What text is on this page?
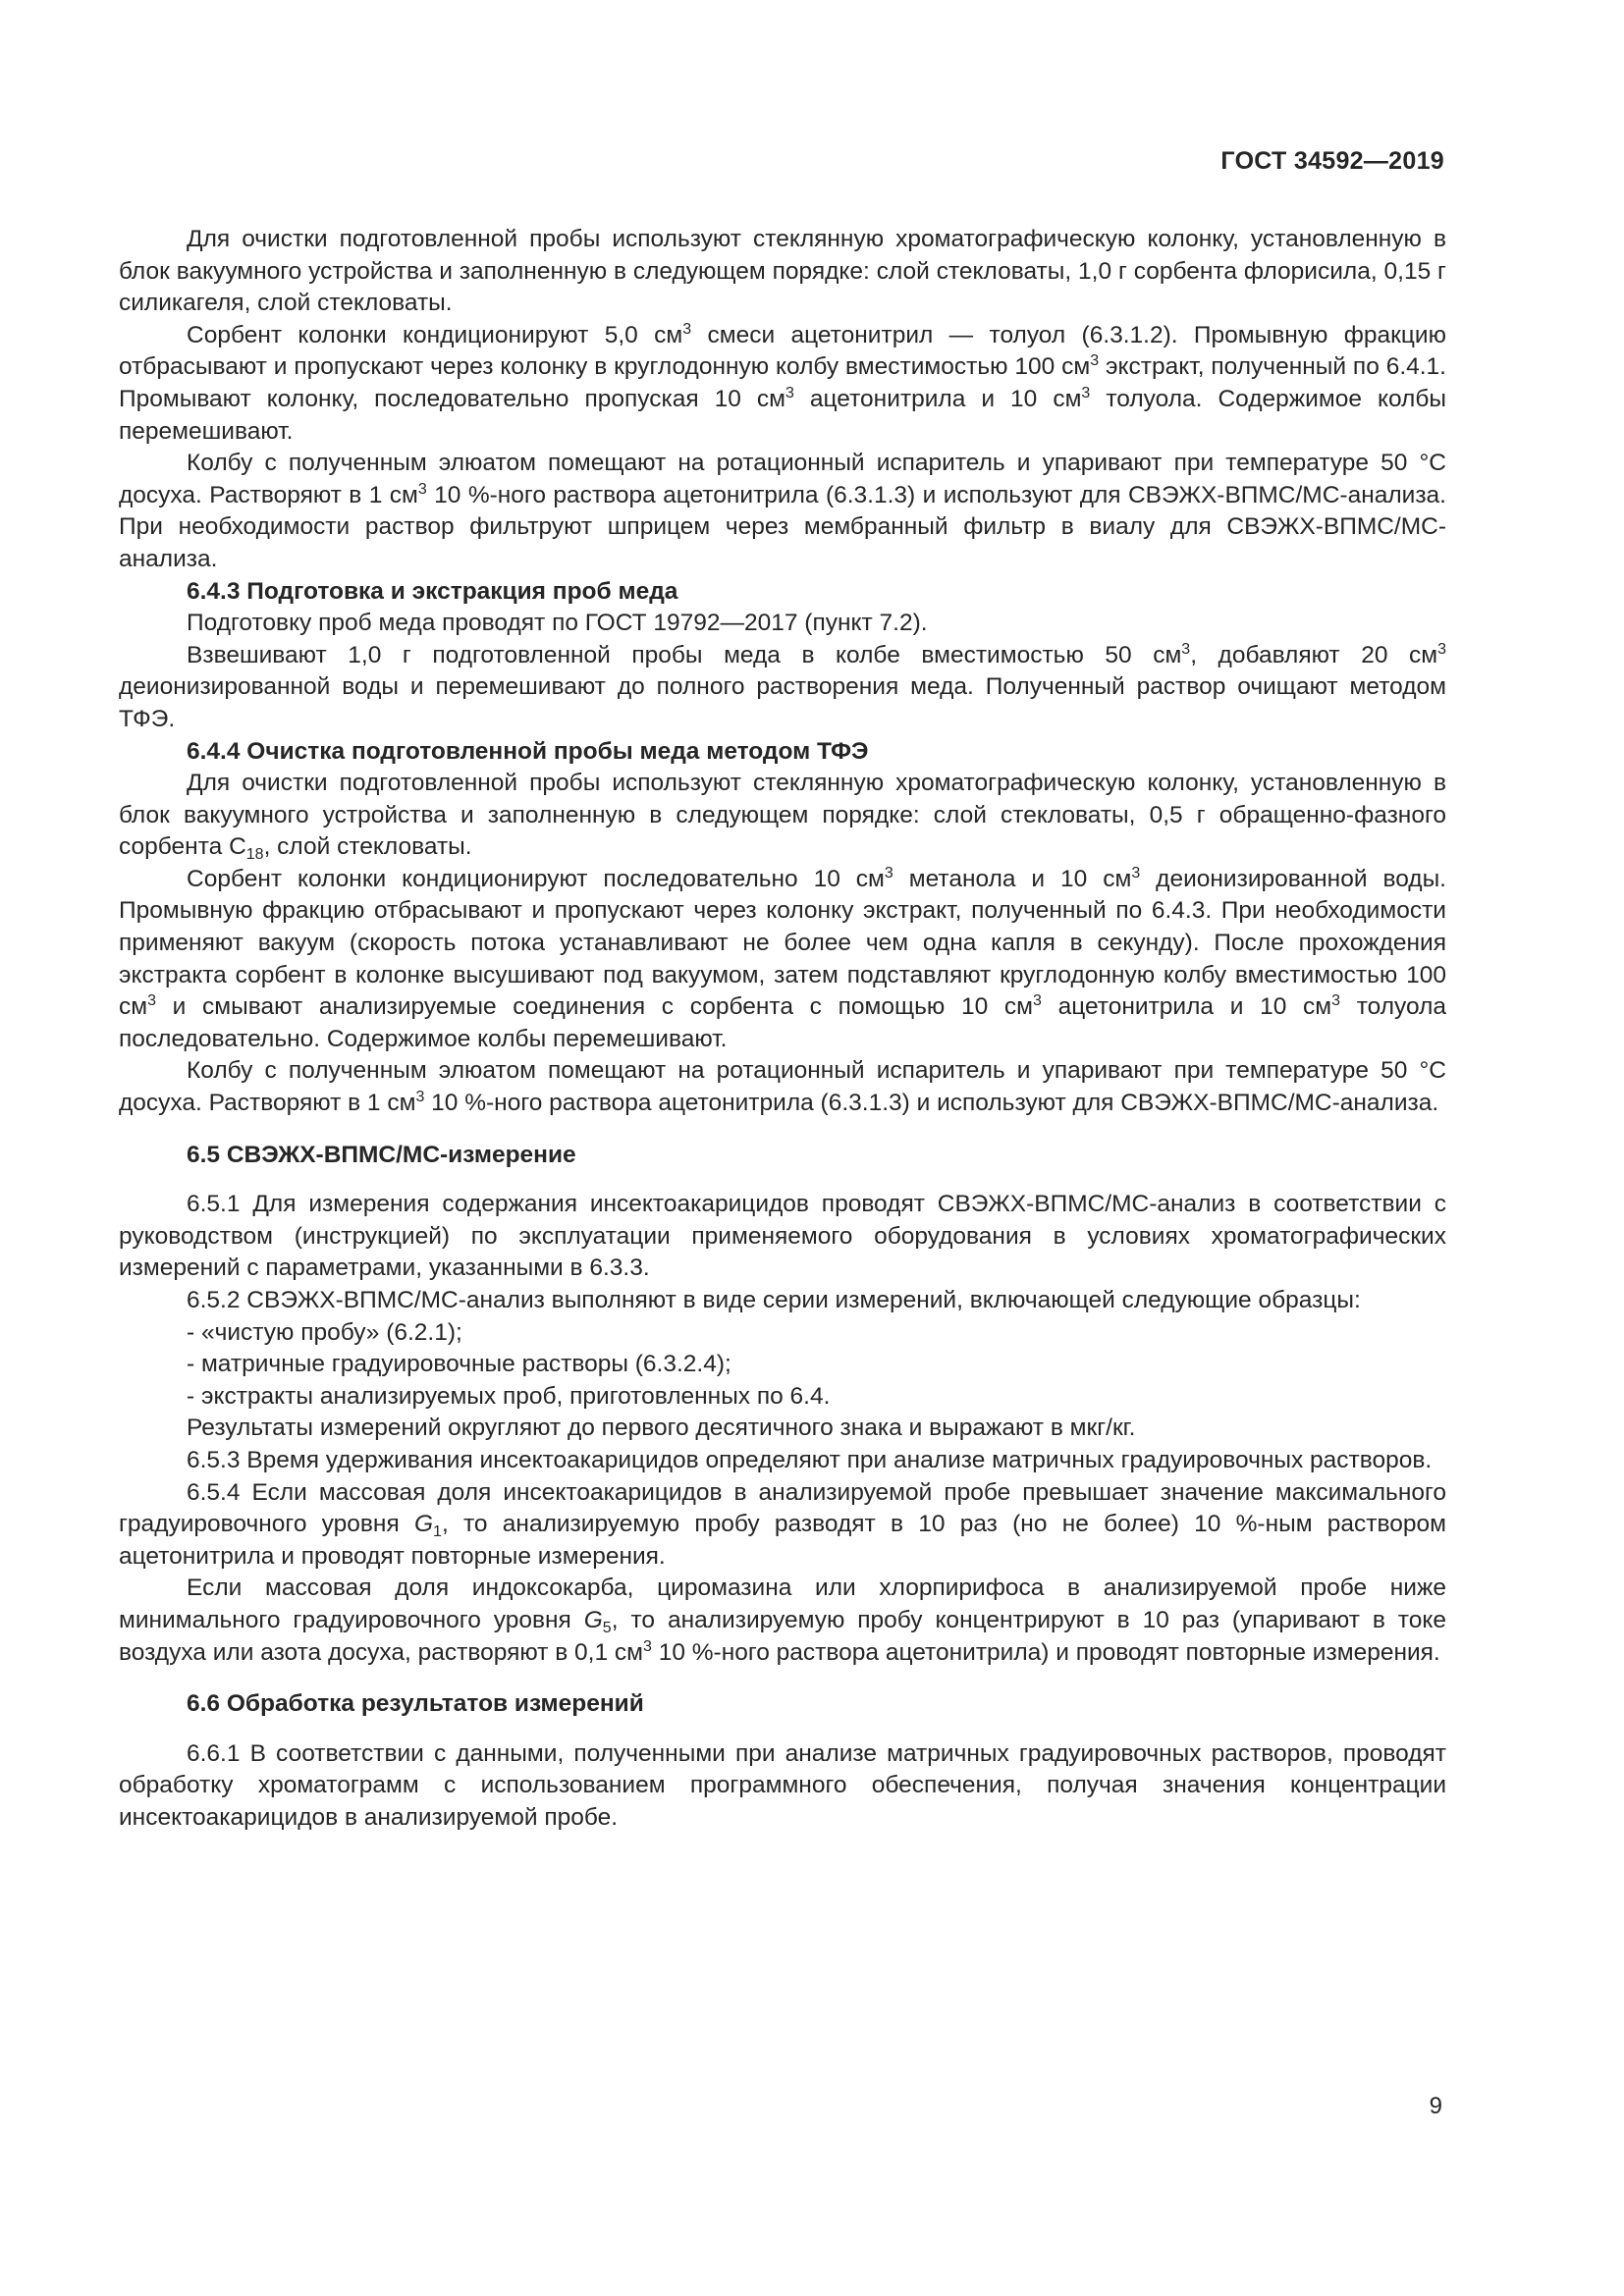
ГОСТ 34592—2019

Для очистки подготовленной пробы используют стеклянную хроматографическую колонку, установленную в блок вакуумного устройства и заполненную в следующем порядке: слой стекловаты, 1,0 г сорбента флорисила, 0,15 г силикагеля, слой стекловаты.

Сорбент колонки кондиционируют 5,0 $см^3$ смеси ацетонитрил — толуол (6.3.1.2). Промывную фракцию отбрасывают и пропускают через колонку в круглодонную колбу вместимостью 100 $см^3$ экстракт, полученный по 6.4.1. Промывают колонку, последовательно пропуская 10 $см^3$ ацетонитрила и 10 $см^3$ толуола. Содержимое колбы перемешивают.

Колбу с полученным элюатом помещают на ротационный испаритель и упаривают при температуре 50 °С досуха. Растворяют в 1 $см^3$ 10 %-ного раствора ацетонитрила (6.3.1.3) и используют для СВЭЖХ-ВПМС/МС-анализа. При необходимости раствор фильтруют шприцем через мембранный фильтр в виалу для СВЭЖХ-ВПМС/МС-анализа.

6.4.3 Подготовка и экстракция проб меда

Подготовку проб меда проводят по ГОСТ 19792—2017 (пункт 7.2).

Взвешивают 1,0 г подготовленной пробы меда в колбе вместимостью 50 $см^3$, добавляют 20 $см^3$ деионизированной воды и перемешивают до полного растворения меда. Полученный раствор очищают методом ТФЭ.

6.4.4 Очистка подготовленной пробы меда методом ТФЭ

Для очистки подготовленной пробы используют стеклянную хроматографическую колонку, установленную в блок вакуумного устройства и заполненную в следующем порядке: слой стекловаты, 0,5 г обращенно-фазного сорбента $С_{18}$, слой стекловаты.

Сорбент колонки кондиционируют последовательно 10 $см^3$ метанола и 10 $см^3$ деионизированной воды. Промывную фракцию отбрасывают и пропускают через колонку экстракт, полученный по 6.4.3. При необходимости применяют вакуум (скорость потока устанавливают не более чем одна капля в секунду). После прохождения экстракта сорбент в колонке высушивают под вакуумом, затем подставляют круглодонную колбу вместимостью 100 $см^3$ и смывают анализируемые соединения с сорбента с помощью 10 $см^3$ ацетонитрила и 10 $см^3$ толуола последовательно. Содержимое колбы перемешивают.

Колбу с полученным элюатом помещают на ротационный испаритель и упаривают при температуре 50 °С досуха. Растворяют в 1 $см^3$ 10 %-ного раствора ацетонитрила (6.3.1.3) и используют для СВЭЖХ-ВПМС/МС-анализа.

6.5 СВЭЖХ-ВПМС/МС-измерение

6.5.1 Для измерения содержания инсектоакарицидов проводят СВЭЖХ-ВПМС/МС-анализ в соответствии с руководством (инструкцией) по эксплуатации применяемого оборудования в условиях хроматографических измерений с параметрами, указанными в 6.3.3.

6.5.2 СВЭЖХ-ВПМС/МС-анализ выполняют в виде серии измерений, включающей следующие образцы:

- «чистую пробу» (6.2.1);

- матричные градуировочные растворы (6.3.2.4);

- экстракты анализируемых проб, приготовленных по 6.4.

Результаты измерений округляют до первого десятичного знака и выражают в мкг/кг.

6.5.3 Время удерживания инсектоакарицидов определяют при анализе матричных градуировочных растворов.

6.5.4 Если массовая доля инсектоакарицидов в анализируемой пробе превышает значение максимального градуировочного уровня $G_1$, то анализируемую пробу разводят в 10 раз (но не более) 10 %-ным раствором ацетонитрила и проводят повторные измерения.

Если массовая доля индоксокарба, циромазина или хлорпирифоса в анализируемой пробе ниже минимального градуировочного уровня $G_5$, то анализируемую пробу концентрируют в 10 раз (упаривают в токе воздуха или азота досуха, растворяют в 0,1 $см^3$ 10 %-ного раствора ацетонитрила) и проводят повторные измерения.

6.6 Обработка результатов измерений

6.6.1 В соответствии с данными, полученными при анализе матричных градуировочных растворов, проводят обработку хроматограмм с использованием программного обеспечения, получая значения концентрации инсектоакарицидов в анализируемой пробе.

9
